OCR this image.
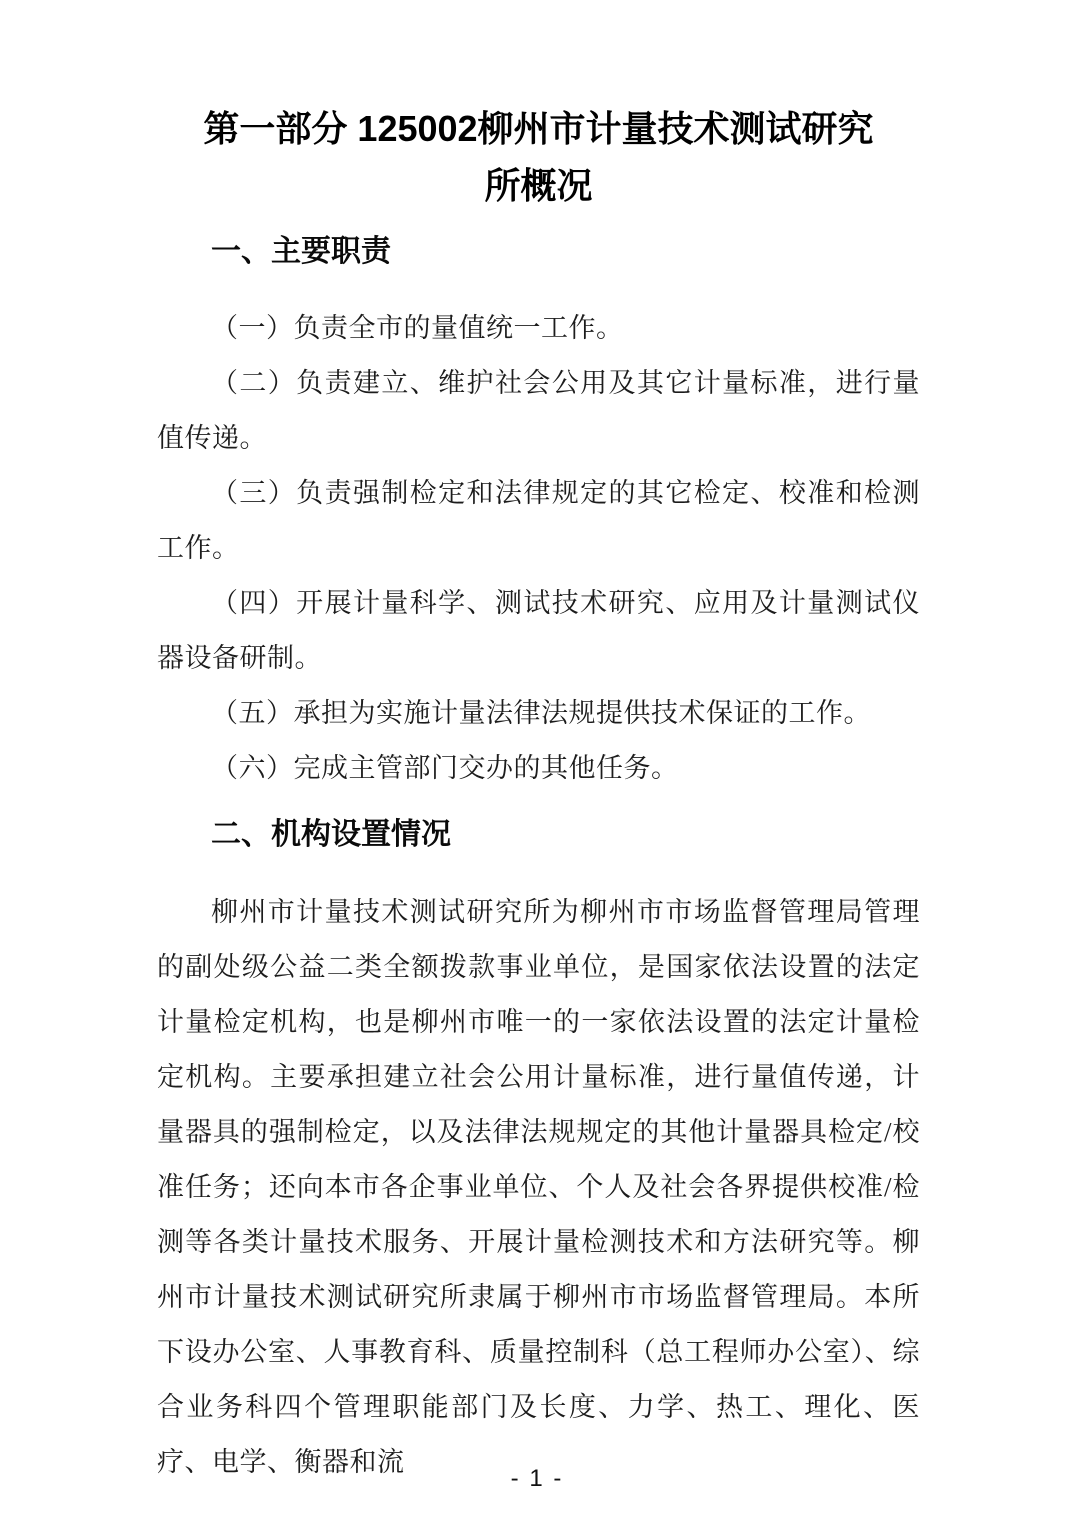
第一部分 125002柳州市计量技术测试研究所概况
一、主要职责

（一）负责全市的量值统一工作。

（二）负责建立、维护社会公用及其它计量标准，进行量值传递。

（三）负责强制检定和法律规定的其它检定、校准和检测工作。

（四）开展计量科学、测试技术研究、应用及计量测试仪器设备研制。

（五）承担为实施计量法律法规提供技术保证的工作。

（六）完成主管部门交办的其他任务。

二、机构设置情况

柳州市计量技术测试研究所为柳州市市场监督管理局管理的副处级公益二类全额拨款事业单位，是国家依法设置的法定计量检定机构，也是柳州市唯一的一家依法设置的法定计量检定机构。主要承担建立社会公用计量标准，进行量值传递，计量器具的强制检定，以及法律法规规定的其他计量器具检定/校准任务；还向本市各企事业单位、个人及社会各界提供校准/检测等各类计量技术服务、开展计量检测技术和方法研究等。柳州市计量技术测试研究所隶属于柳州市市场监督管理局。本所下设办公室、人事教育科、质量控制科（总工程师办公室）、综合业务科四个管理职能部门及长度、力学、热工、理化、医疗、电学、衡器和流

- 1 -
